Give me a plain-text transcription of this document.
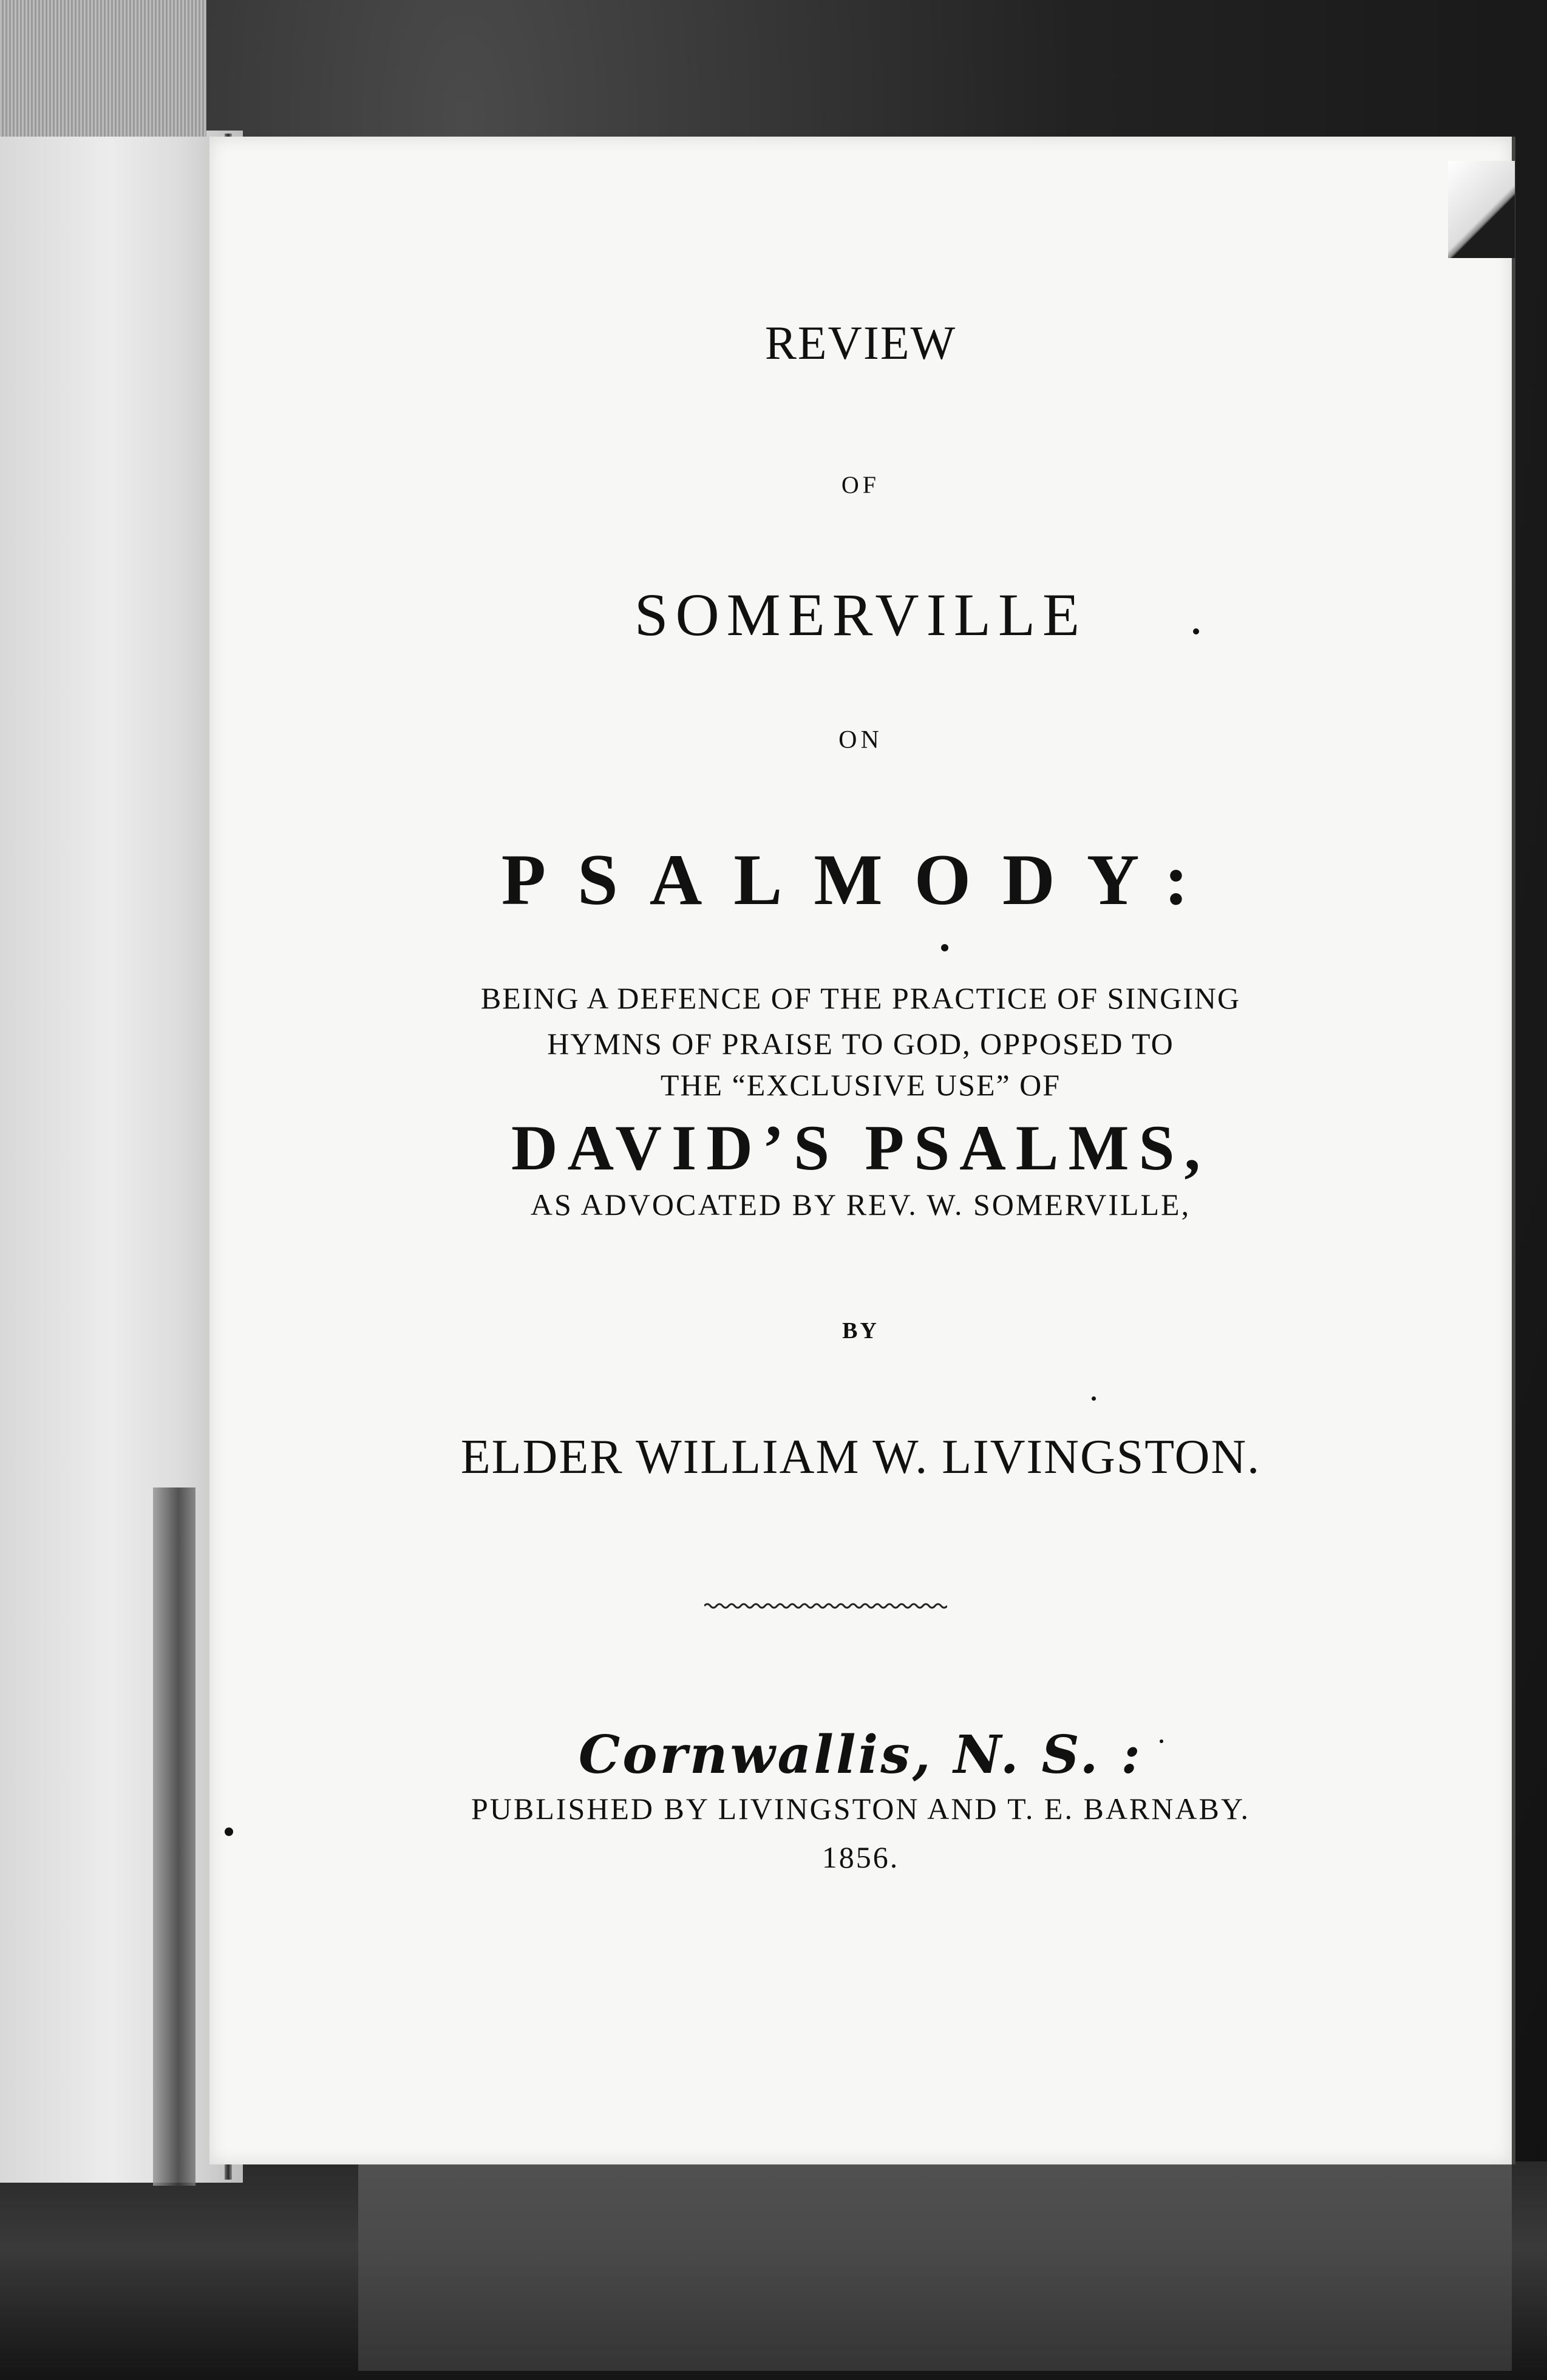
REVIEW
OF
SOMERVILLE
ON
PSALMODY:
BEING A DEFENCE OF THE PRACTICE OF SINGING
HYMNS OF PRAISE TO GOD, OPPOSED TO
THE “EXCLUSIVE USE” OF
DAVID’S PSALMS,
AS ADVOCATED BY REV. W. SOMERVILLE,
BY
ELDER WILLIAM W. LIVINGSTON.
Cornwallis, N. S. :
PUBLISHED BY LIVINGSTON AND T. E. BARNABY.
1856.
